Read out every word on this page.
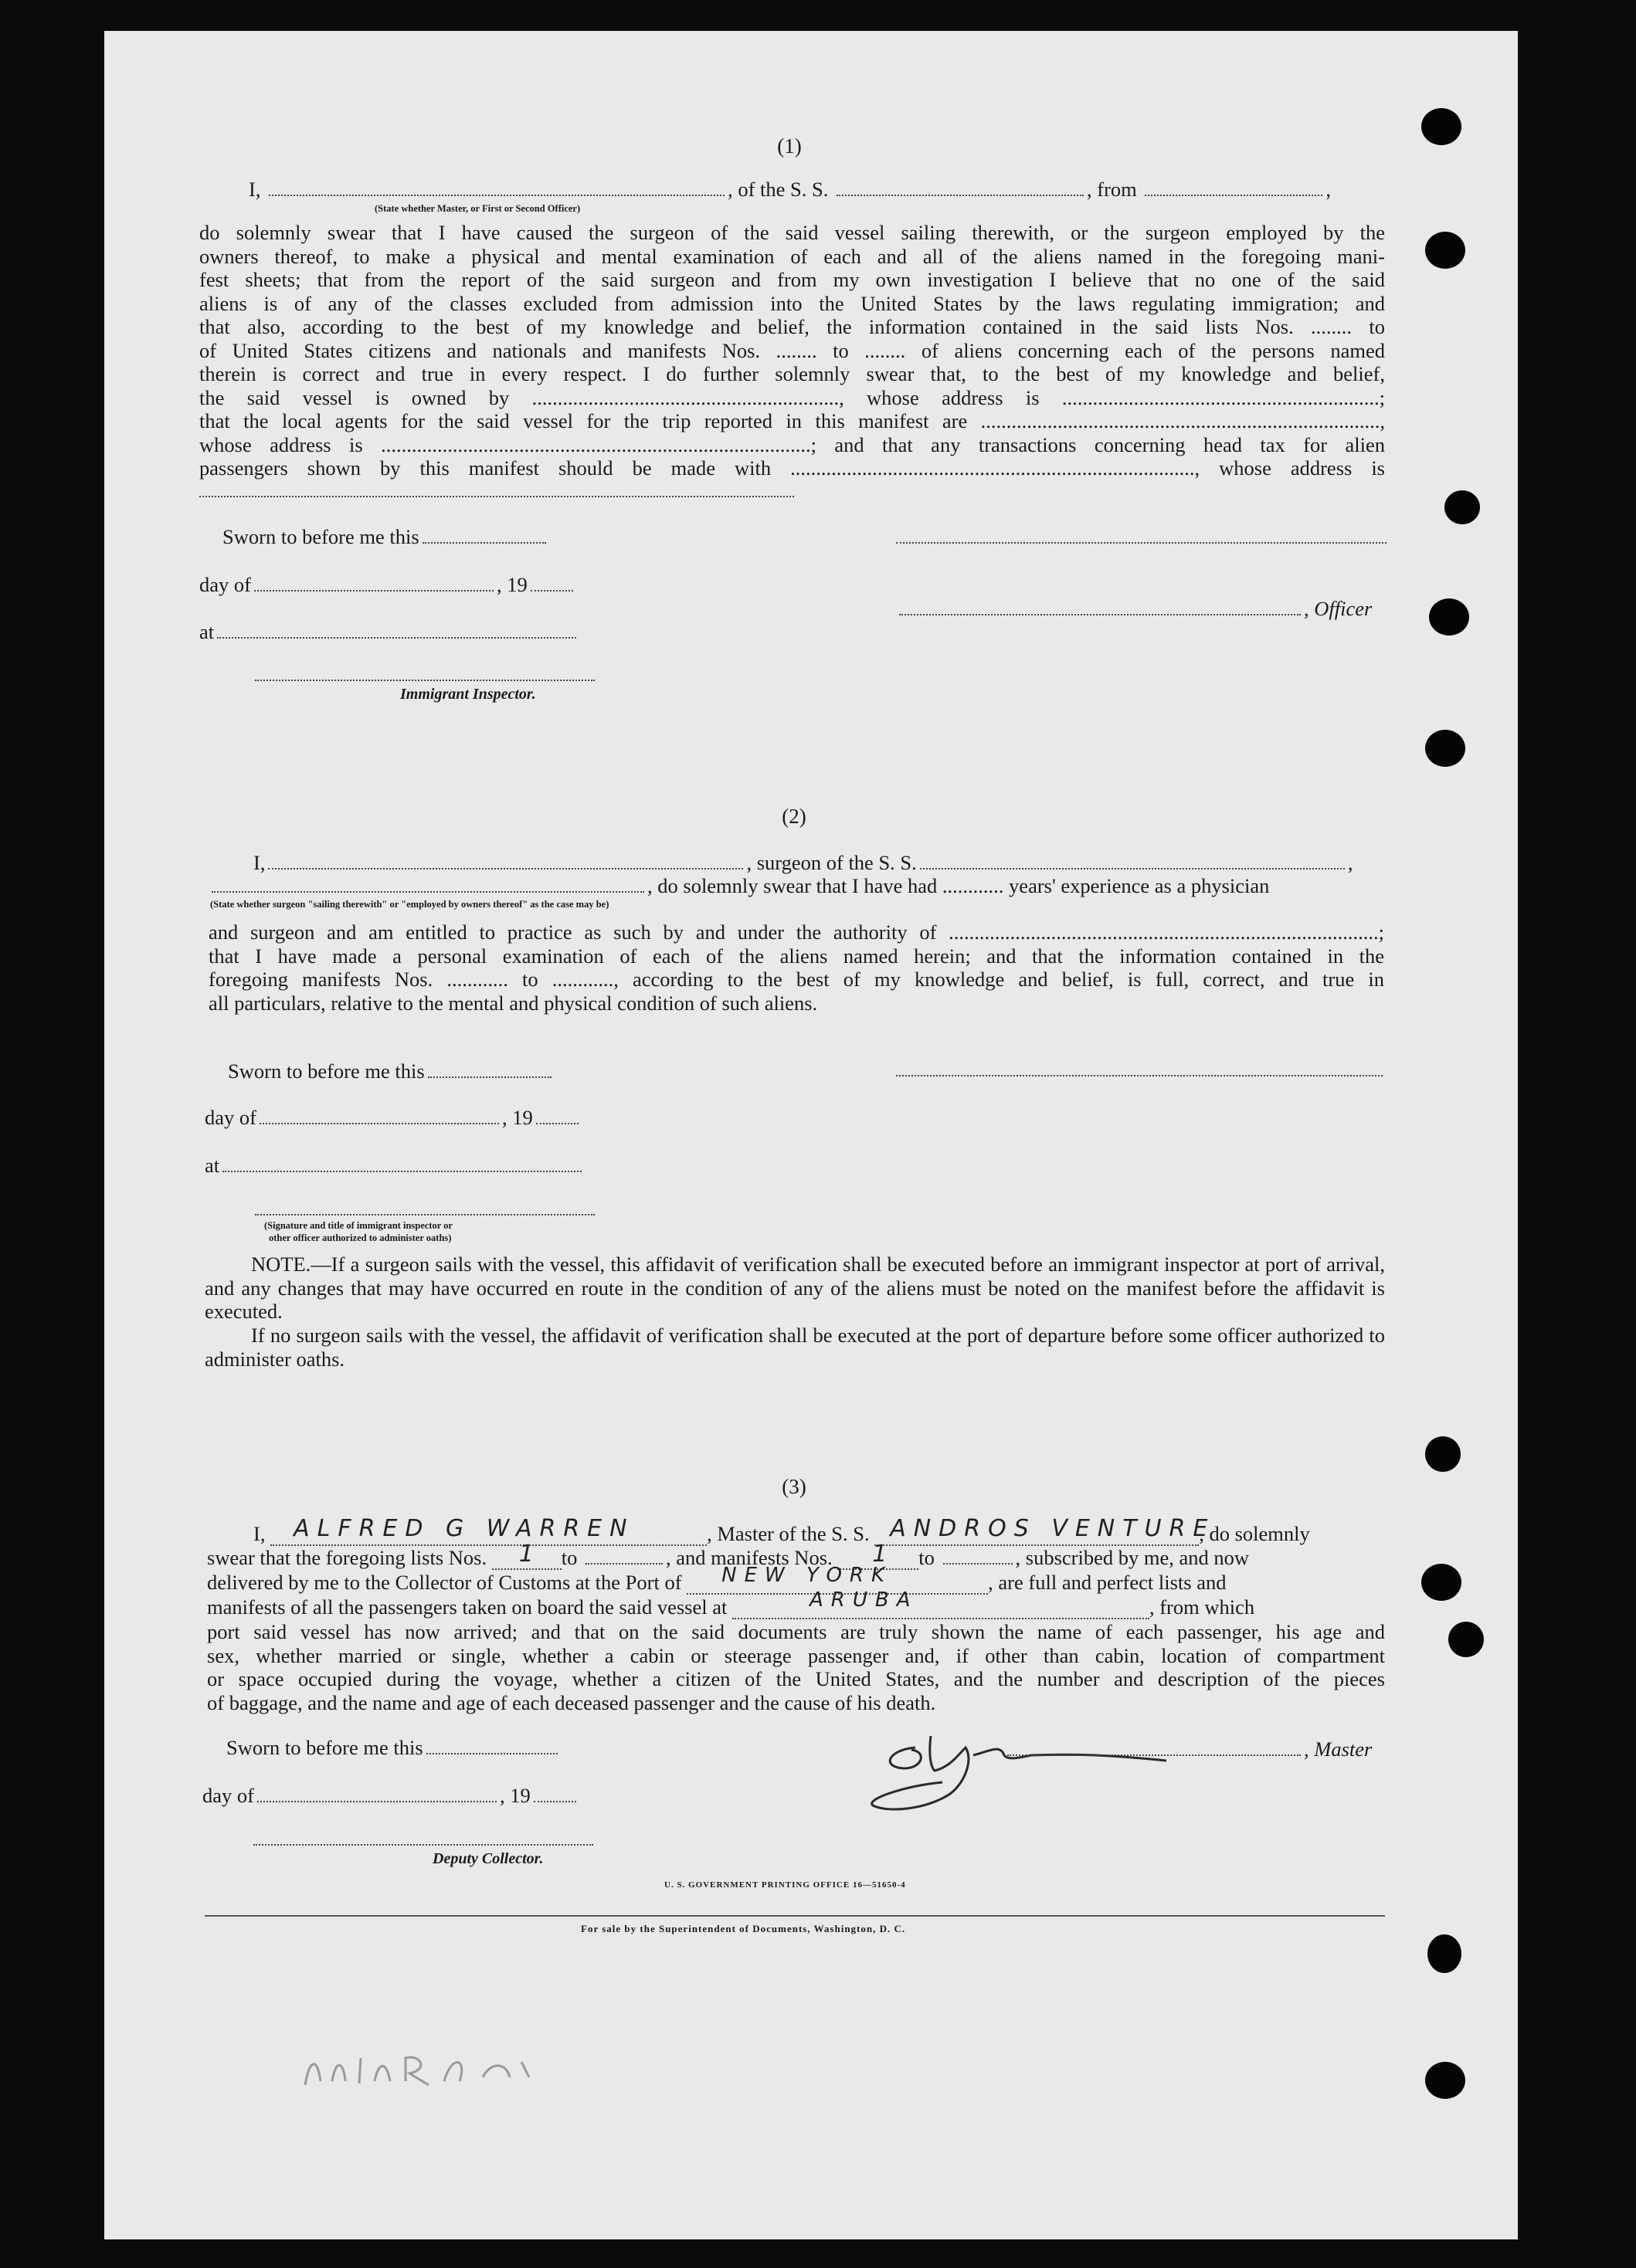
(1)
I,	, of the S. S.	, from	,
(State whether Master, or First or Second Officer)
do solemnly swear that I have caused the surgeon of the said vessel sailing therewith, or the surgeon employed by the
owners thereof, to make a physical and mental examination of each and all of the aliens named in the foregoing mani-
fest sheets; that from the report of the said surgeon and from my own investigation I believe that no one of the said
aliens is of any of the classes excluded from admission into the United States by the laws regulating immigration; and
that also, according to the best of my knowledge and belief, the information contained in the said lists Nos. ........ to
of United States citizens and nationals and manifests Nos. ........ to ........ of aliens concerning each of the persons named
therein is correct and true in every respect. I do further solemnly swear that, to the best of my knowledge and belief,
the said vessel is owned by ............................................................, whose address is ..............................................................;
that the local agents for the said vessel for the trip reported in this manifest are ..............................................................................,
whose address is ....................................................................................; and that any transactions concerning head tax for alien
passengers shown by this manifest should be made with ..............................................................................., whose address is
Sworn to before me this
day of	, 19
, Officer
at
Immigrant Inspector.
(2)
I,	, surgeon of the S. S.	,
, do solemnly swear that I have had ............ years' experience as a physician
(State whether surgeon "sailing therewith" or "employed by owners thereof" as the case may be)
and surgeon and am entitled to practice as such by and under the authority of ....................................................................................;
that I have made a personal examination of each of the aliens named herein; and that the information contained in the
foregoing manifests Nos. ............ to ............, according to the best of my knowledge and belief, is full, correct, and true in
all particulars, relative to the mental and physical condition of such aliens.
Sworn to before me this
day of	, 19
at
(Signature and title of immigrant inspector or
other officer authorized to administer oaths)
NOTE.—If a surgeon sails with the vessel, this affidavit of verification shall be executed before an immigrant inspector at port of arrival, and any changes that may have occurred en route in the condition of any of the aliens must be noted on the manifest before the affidavit is executed.
If no surgeon sails with the vessel, the affidavit of verification shall be executed at the port of departure before some officer authorized to administer oaths.
(3)
I, ALFRED G WARREN	, Master of the S. S. ANDROS VENTURE
, do solemnly
swear that the foregoing lists Nos. 1 to	, and manifests Nos. 1 to	, subscribed by me, and now
delivered by me to the Collector of Customs at the Port of NEW YORK	, are full and perfect lists and
manifests of all the passengers taken on board the said vessel at	ARUBA	, from which
port said vessel has now arrived; and that on the said documents are truly shown the name of each passenger, his age and
sex, whether married or single, whether a cabin or steerage passenger and, if other than cabin, location of compartment
or space occupied during the voyage, whether a citizen of the United States, and the number and description of the pieces
of baggage, and the name and age of each deceased passenger and the cause of his death.
Sworn to before me this	, Master
day of	, 19
Deputy Collector.
U. S. GOVERNMENT PRINTING OFFICE 16—51650-4
For sale by the Superintendent of Documents, Washington, D. C.
